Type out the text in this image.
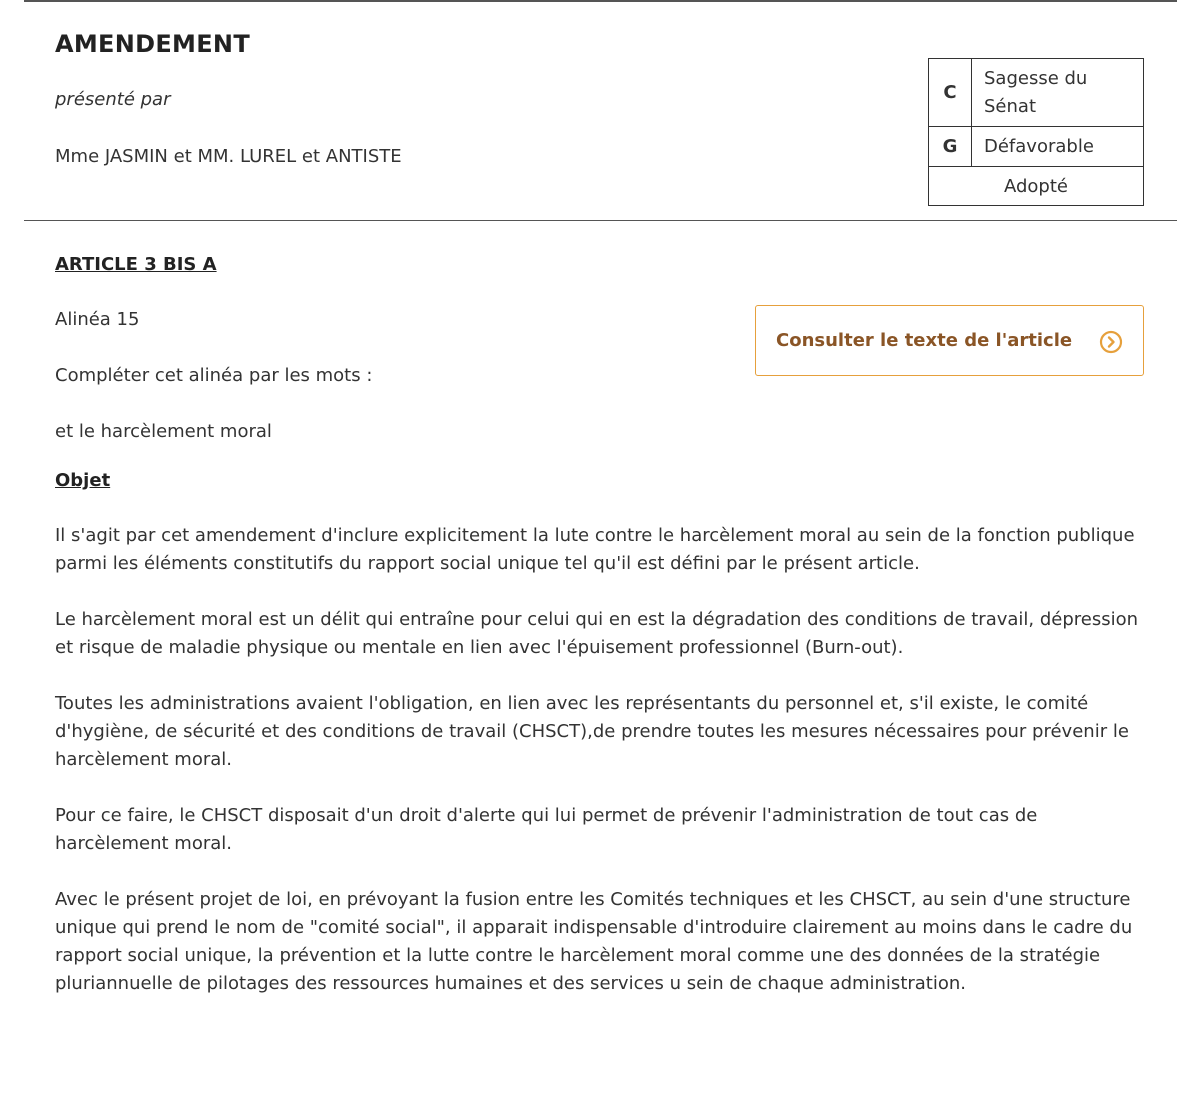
AMENDEMENT
présenté par
Mme JASMIN et MM. LUREL et ANTISTE
C
Sagesse du Sénat
G	Défavorable
Adopté
ARTICLE 3 BIS A

Alinéa 15

Compléter cet alinéa par les mots :

et le harcèlement moral

Consulter le texte de l'article
Objet

Il s'agit par cet amendement d'inclure explicitement la lute contre le harcèlement moral au sein de la fonction publique parmi les éléments constitutifs du rapport social unique tel qu'il est défini par le présent article.

Le harcèlement moral est un délit qui entraîne pour celui qui en est la dégradation des conditions de travail, dépression et risque de maladie physique ou mentale en lien avec l'épuisement professionnel (Burn-out).

Toutes les administrations avaient l'obligation, en lien avec les représentants du personnel et, s'il existe, le comité d'hygiène, de sécurité et des conditions de travail (CHSCT),de prendre toutes les mesures nécessaires pour prévenir le harcèlement moral.

Pour ce faire, le CHSCT disposait d'un droit d'alerte qui lui permet de prévenir l'administration de tout cas de harcèlement moral.

Avec le présent projet de loi, en prévoyant la fusion entre les Comités techniques et les CHSCT, au sein d'une structure unique qui prend le nom de "comité social", il apparait indispensable d'introduire clairement au moins dans le cadre du rapport social unique, la prévention et la lutte contre le harcèlement moral comme une des données de la stratégie pluriannuelle de pilotages des ressources humaines et des services u sein de chaque administration.
